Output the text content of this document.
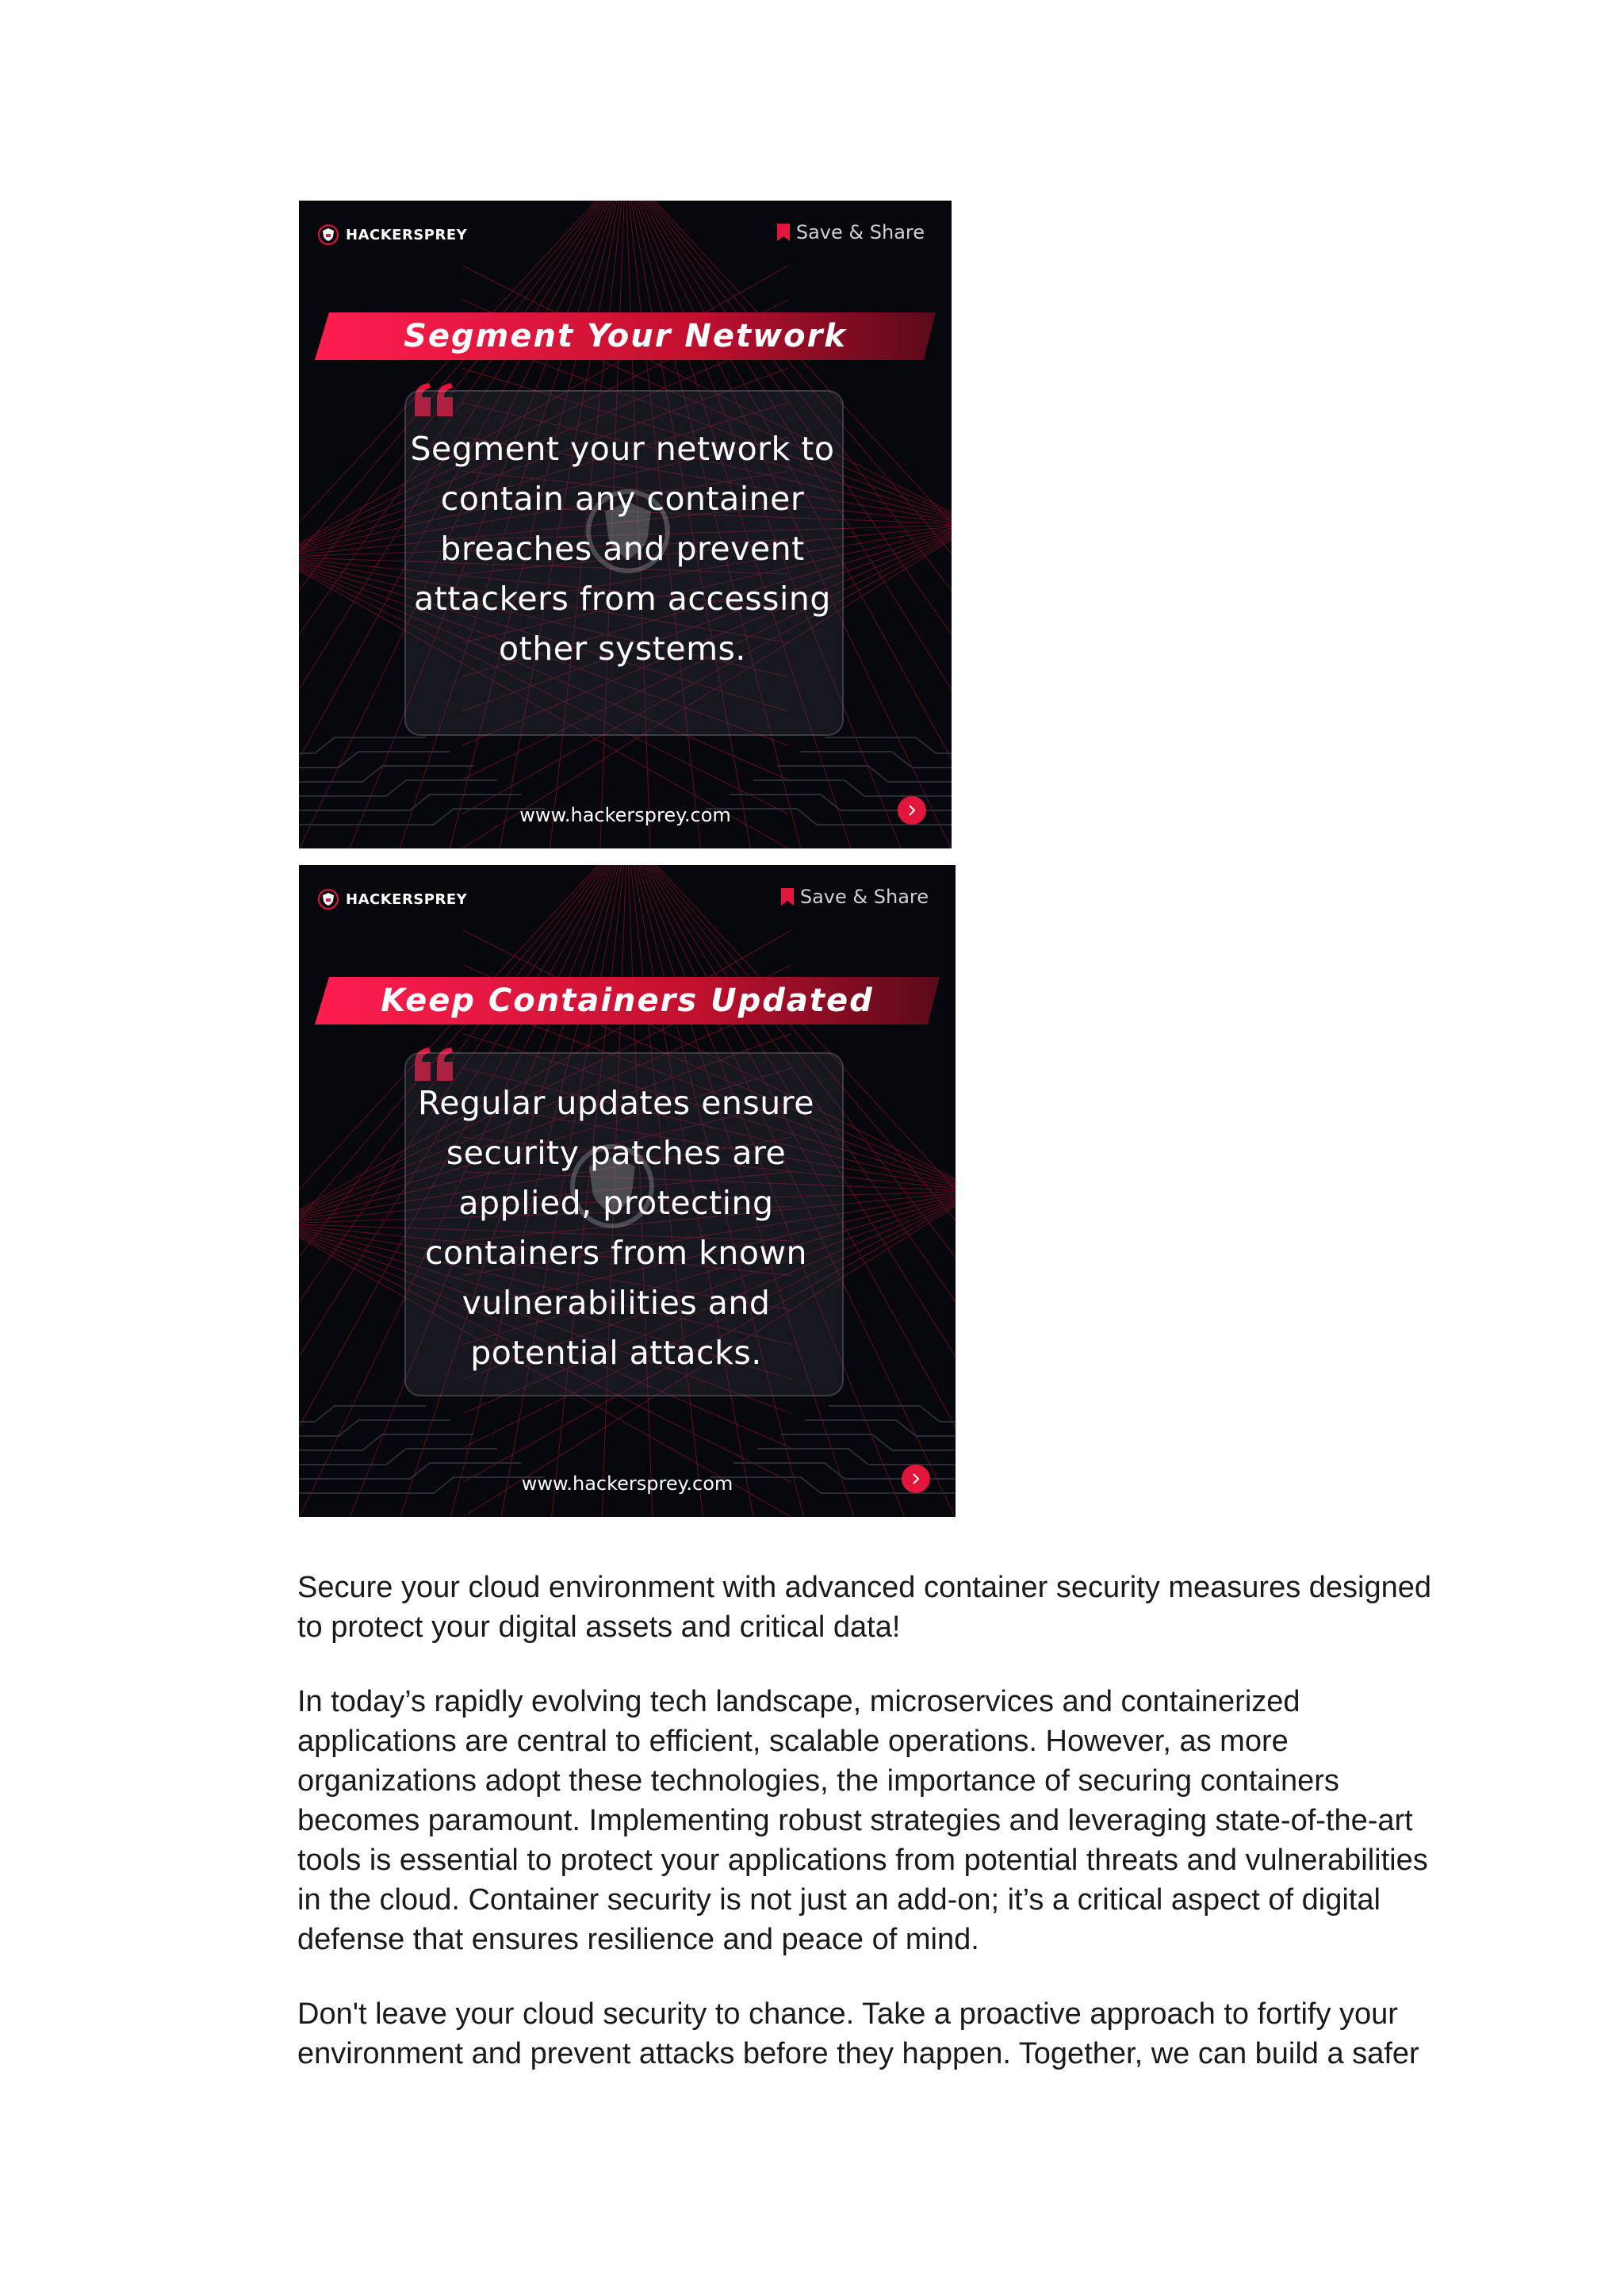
HACKERSPREY	Save & Share
Segment Your Network
Segment your network to contain any container breaches and prevent attackers from accessing other systems.
www.hackersprey.com
HACKERSPREY	Save & Share
Keep Containers Updated
Regular updates ensure security patches are applied, protecting containers from known vulnerabilities and potential attacks.
www.hackersprey.com

Secure your cloud environment with advanced container security measures designed to protect your digital assets and critical data!

In today’s rapidly evolving tech landscape, microservices and containerized applications are central to efficient, scalable operations. However, as more organizations adopt these technologies, the importance of securing containers becomes paramount. Implementing robust strategies and leveraging state-of-the-art tools is essential to protect your applications from potential threats and vulnerabilities in the cloud. Container security is not just an add-on; it’s a critical aspect of digital defense that ensures resilience and peace of mind.

Don't leave your cloud security to chance. Take a proactive approach to fortify your environment and prevent attacks before they happen. Together, we can build a safer
